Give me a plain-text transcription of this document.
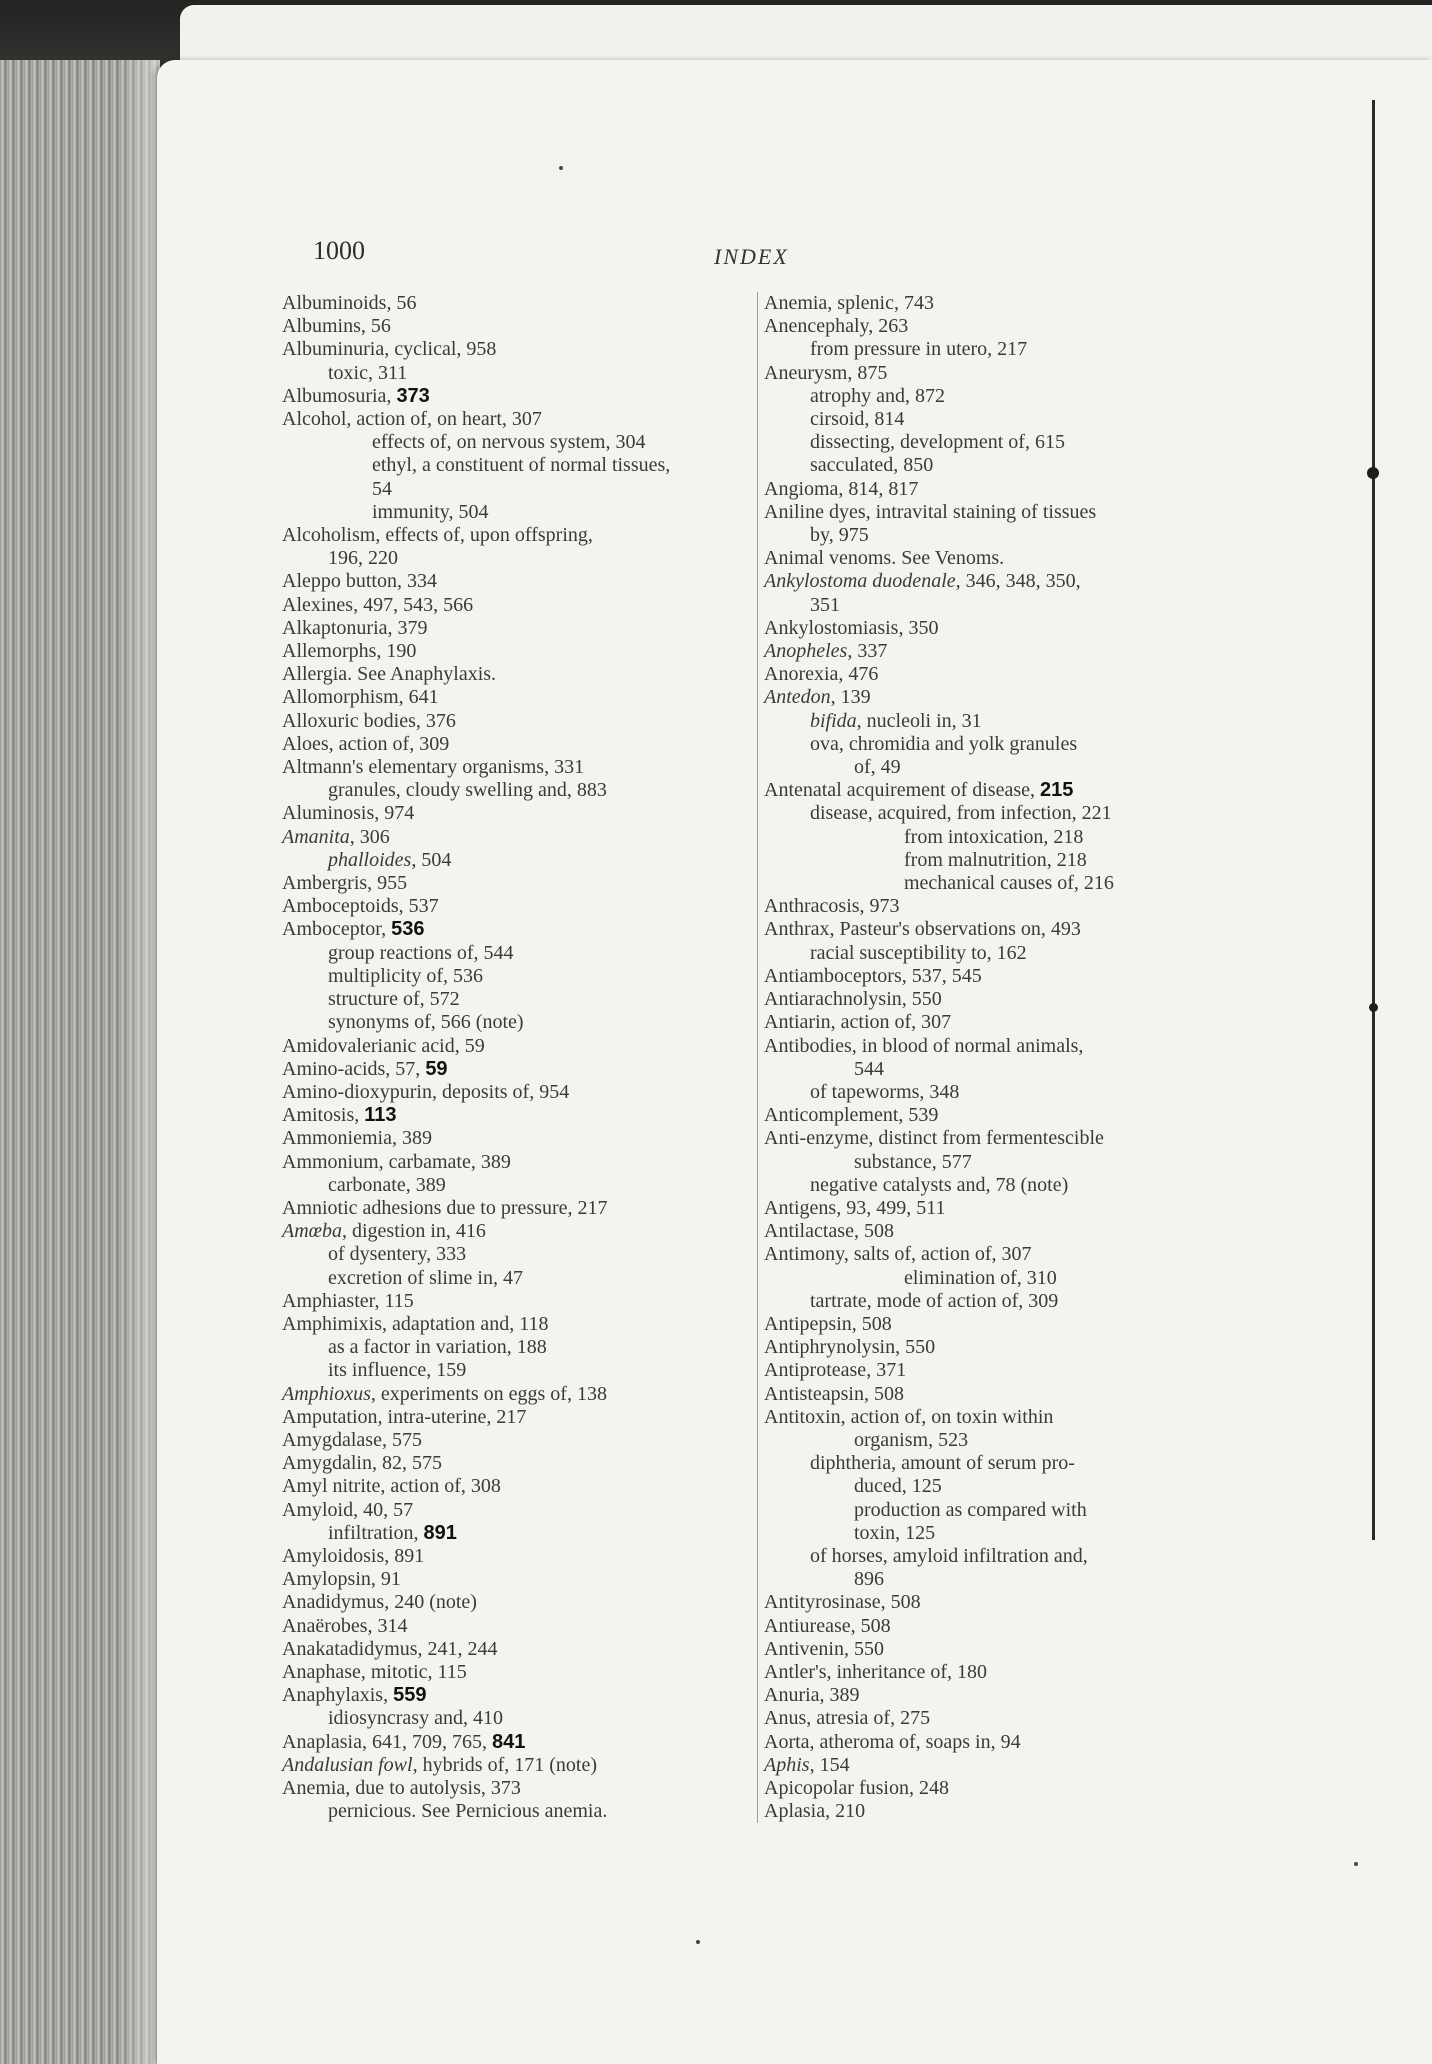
1000	INDEX
Albuminoids, 56
Albumins, 56
Albuminuria, cyclical, 958
toxic, 311
Albumosuria, 373
Alcohol, action of, on heart, 307
effects of, on nervous system, 304
ethyl, a constituent of normal tissues,
54
immunity, 504
Alcoholism, effects of, upon offspring,
196, 220
Aleppo button, 334
Alexines, 497, 543, 566
Alkaptonuria, 379
Allemorphs, 190
Allergia. See Anaphylaxis.
Allomorphism, 641
Alloxuric bodies, 376
Aloes, action of, 309
Altmann's elementary organisms, 331
granules, cloudy swelling and, 883
Aluminosis, 974
Amanita, 306
phalloides, 504
Ambergris, 955
Amboceptoids, 537
Amboceptor, 536
group reactions of, 544
multiplicity of, 536
structure of, 572
synonyms of, 566 (note)
Amidovalerianic acid, 59
Amino-acids, 57, 59
Amino-dioxypurin, deposits of, 954
Amitosis, 113
Ammoniemia, 389
Ammonium, carbamate, 389
carbonate, 389
Amniotic adhesions due to pressure, 217
Amœba, digestion in, 416
of dysentery, 333
excretion of slime in, 47
Amphiaster, 115
Amphimixis, adaptation and, 118
as a factor in variation, 188
its influence, 159
Amphioxus, experiments on eggs of, 138
Amputation, intra-uterine, 217
Amygdalase, 575
Amygdalin, 82, 575
Amyl nitrite, action of, 308
Amyloid, 40, 57
infiltration, 891
Amyloidosis, 891
Amylopsin, 91
Anadidymus, 240 (note)
Anaërobes, 314
Anakatadidymus, 241, 244
Anaphase, mitotic, 115
Anaphylaxis, 559
idiosyncrasy and, 410
Anaplasia, 641, 709, 765, 841
Andalusian fowl, hybrids of, 171 (note)
Anemia, due to autolysis, 373
pernicious. See Pernicious anemia.
Anemia, splenic, 743
Anencephaly, 263
from pressure in utero, 217
Aneurysm, 875
atrophy and, 872
cirsoid, 814
dissecting, development of, 615
sacculated, 850
Angioma, 814, 817
Aniline dyes, intravital staining of tissues
by, 975
Animal venoms. See Venoms.
Ankylostoma duodenale, 346, 348, 350,
351
Ankylostomiasis, 350
Anopheles, 337
Anorexia, 476
Antedon, 139
bifida, nucleoli in, 31
ova, chromidia and yolk granules
of, 49
Antenatal acquirement of disease, 215
disease, acquired, from infection, 221
from intoxication, 218
from malnutrition, 218
mechanical causes of, 216
Anthracosis, 973
Anthrax, Pasteur's observations on, 493
racial susceptibility to, 162
Antiamboceptors, 537, 545
Antiarachnolysin, 550
Antiarin, action of, 307
Antibodies, in blood of normal animals,
544
of tapeworms, 348
Anticomplement, 539
Anti-enzyme, distinct from fermentescible
substance, 577
negative catalysts and, 78 (note)
Antigens, 93, 499, 511
Antilactase, 508
Antimony, salts of, action of, 307
elimination of, 310
tartrate, mode of action of, 309
Antipepsin, 508
Antiphrynolysin, 550
Antiprotease, 371
Antisteapsin, 508
Antitoxin, action of, on toxin within
organism, 523
diphtheria, amount of serum pro-
duced, 125
production as compared with
toxin, 125
of horses, amyloid infiltration and,
896
Antityrosinase, 508
Antiurease, 508
Antivenin, 550
Antler's, inheritance of, 180
Anuria, 389
Anus, atresia of, 275
Aorta, atheroma of, soaps in, 94
Aphis, 154
Apicopolar fusion, 248
Aplasia, 210
